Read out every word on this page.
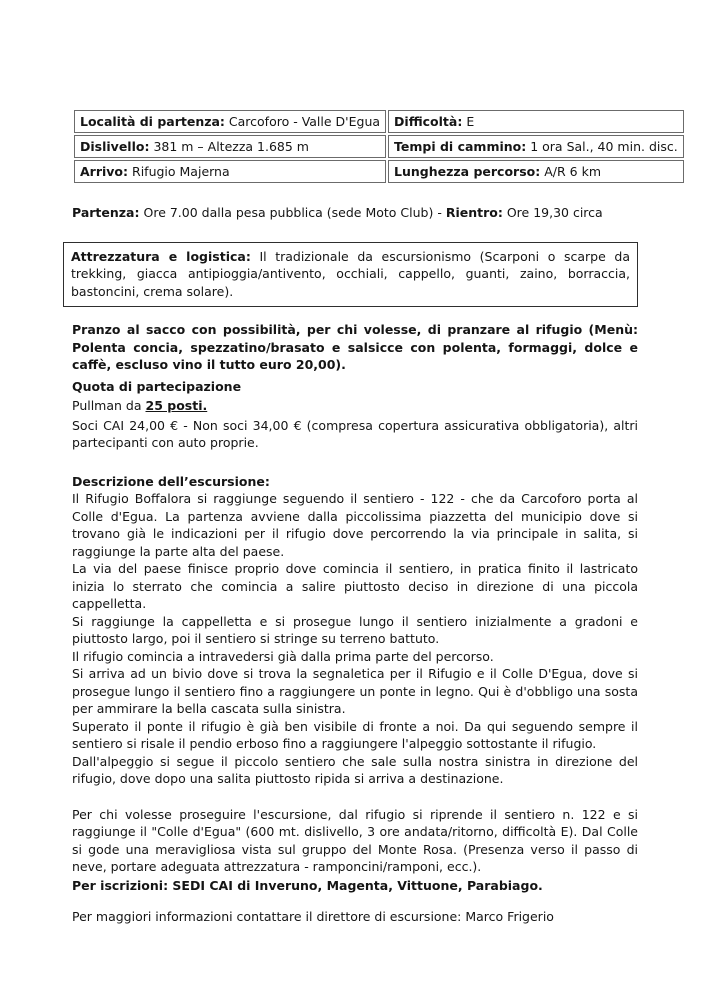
Località di partenza: Carcoforo - Valle D'Egua	Difficoltà: E
Dislivello: 381 m – Altezza 1.685 m	Tempi di cammino: 1 ora Sal., 40 min. disc.
Arrivo: Rifugio Majerna	Lunghezza percorso: A/R 6 km

Partenza: Ore 7.00 dalla pesa pubblica (sede Moto Club) - Rientro: Ore 19,30 circa

Attrezzatura e logistica: Il tradizionale da escursionismo (Scarponi o scarpe da trekking, giacca antipioggia/antivento, occhiali, cappello, guanti, zaino, borraccia, bastoncini, crema solare).

Pranzo al sacco con possibilità, per chi volesse, di pranzare al rifugio (Menù: Polenta concia, spezzatino/brasato e salsicce con polenta, formaggi, dolce e caffè, escluso vino il tutto euro 20,00).

Quota di partecipazione

Pullman da 25 posti.

Soci CAI 24,00 € - Non soci 34,00 € (compresa copertura assicurativa obbligatoria), altri partecipanti con auto proprie.

Descrizione dell’escursione:

Il Rifugio Boffalora si raggiunge seguendo il sentiero - 122 - che da Carcoforo porta al Colle d'Egua. La partenza avviene dalla piccolissima piazzetta del municipio dove si trovano già le indicazioni per il rifugio dove percorrendo la via principale in salita, si raggiunge la parte alta del paese.

La via del paese finisce proprio dove comincia il sentiero, in pratica finito il lastricato inizia lo sterrato che comincia a salire piuttosto deciso in direzione di una piccola cappelletta.

Si raggiunge la cappelletta e si prosegue lungo il sentiero inizialmente a gradoni e piuttosto largo, poi il sentiero si stringe su terreno battuto.

Il rifugio comincia a intravedersi già dalla prima parte del percorso.

Si arriva ad un bivio dove si trova la segnaletica per il Rifugio e il Colle D'Egua, dove si prosegue lungo il sentiero fino a raggiungere un ponte in legno. Qui è d'obbligo una sosta per ammirare la bella cascata sulla sinistra.

Superato il ponte il rifugio è già ben visibile di fronte a noi. Da qui seguendo sempre il sentiero si risale il pendio erboso fino a raggiungere l'alpeggio sottostante il rifugio.

Dall'alpeggio si segue il piccolo sentiero che sale sulla nostra sinistra in direzione del rifugio, dove dopo una salita piuttosto ripida si arriva a destinazione.

Per chi volesse proseguire l'escursione, dal rifugio si riprende il sentiero n. 122 e si raggiunge il "Colle d'Egua" (600 mt. dislivello, 3 ore andata/ritorno, difficoltà E). Dal Colle si gode una meravigliosa vista sul gruppo del Monte Rosa. (Presenza verso il passo di neve, portare adeguata attrezzatura - ramponcini/ramponi, ecc.).

Per iscrizioni: SEDI CAI di Inveruno, Magenta, Vittuone, Parabiago.

Per maggiori informazioni contattare il direttore di escursione: Marco Frigerio
